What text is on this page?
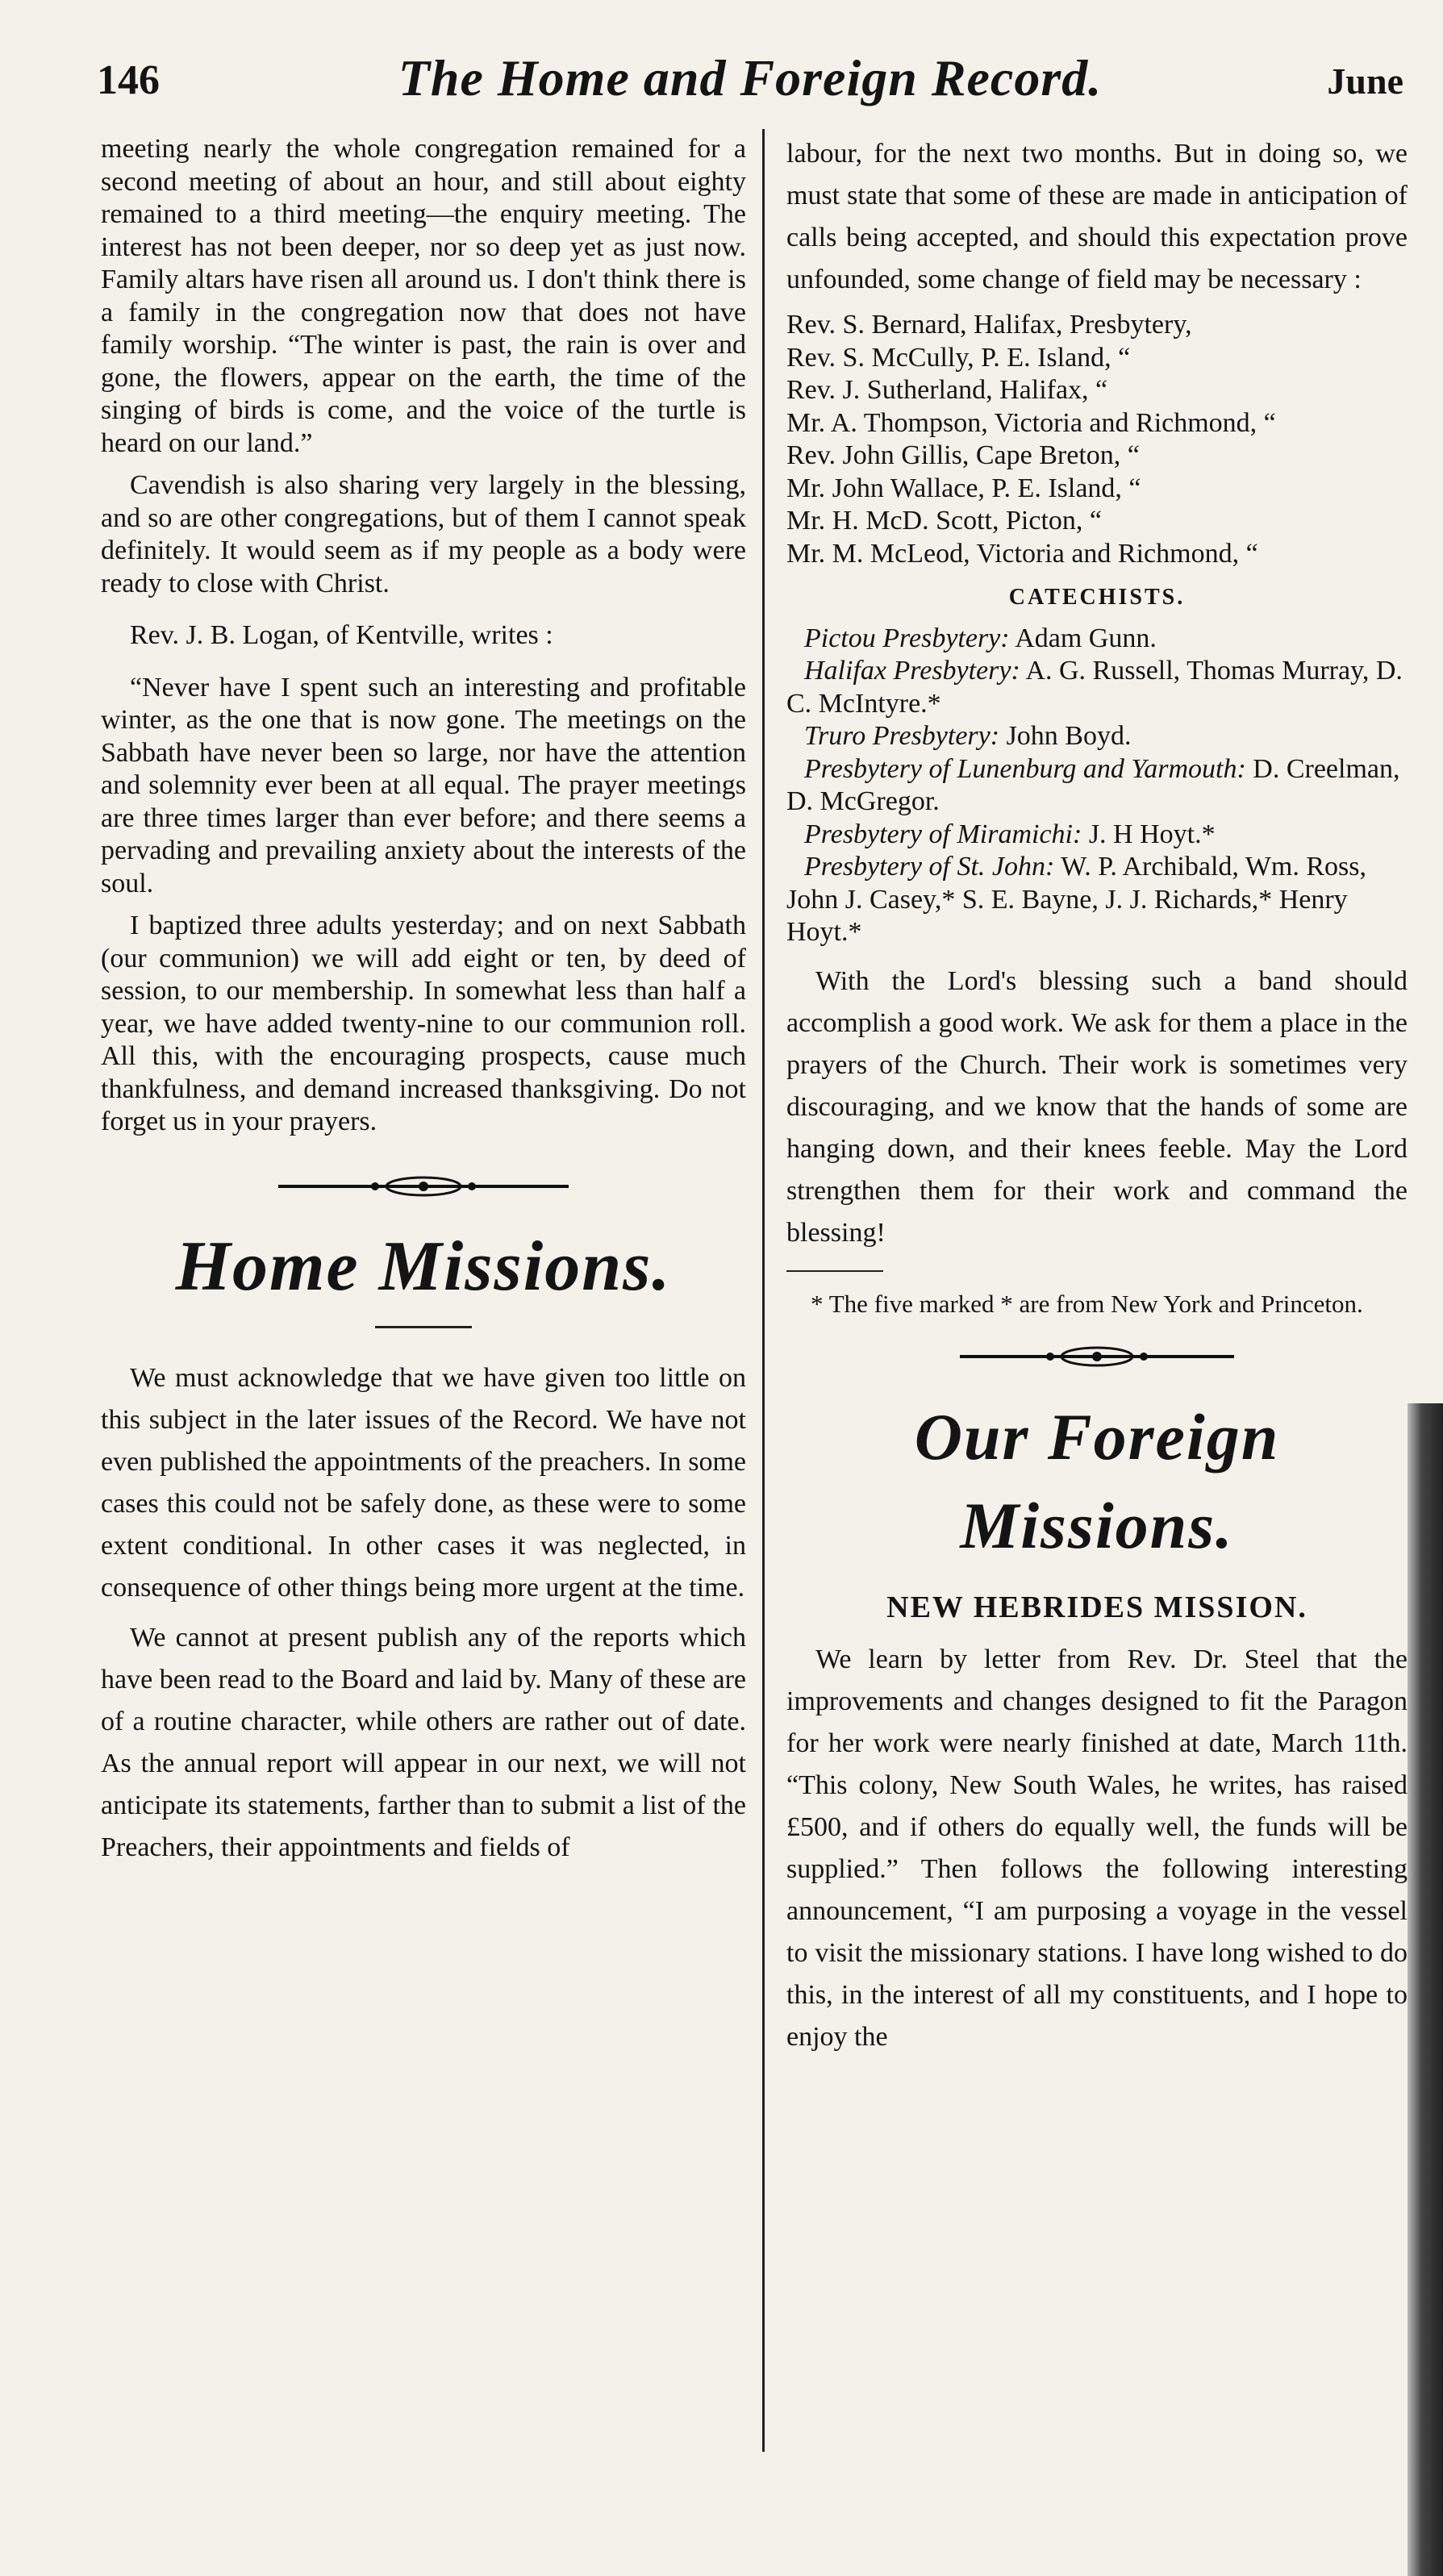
146	The Home and Foreign Record.	June

meeting nearly the whole congregation remained for a second meeting of about an hour, and still about eighty remained to a third meeting—the enquiry meeting. The interest has not been deeper, nor so deep yet as just now. Family altars have risen all around us. I don't think there is a family in the congregation now that does not have family worship. “The winter is past, the rain is over and gone, the flowers, appear on the earth, the time of the singing of birds is come, and the voice of the turtle is heard on our land.”

Cavendish is also sharing very largely in the blessing, and so are other congregations, but of them I cannot speak definitely. It would seem as if my people as a body were ready to close with Christ.

Rev. J. B. Logan, of Kentville, writes :

“Never have I spent such an interesting and profitable winter, as the one that is now gone. The meetings on the Sabbath have never been so large, nor have the attention and solemnity ever been at all equal. The prayer meetings are three times larger than ever before; and there seems a pervading and prevailing anxiety about the interests of the soul.

I baptized three adults yesterday; and on next Sabbath (our communion) we will add eight or ten, by deed of session, to our membership. In somewhat less than half a year, we have added twenty-nine to our communion roll. All this, with the encouraging prospects, cause much thankfulness, and demand increased thanksgiving. Do not forget us in your prayers.

Home Missions.

We must acknowledge that we have given too little on this subject in the later issues of the Record. We have not even published the appointments of the preachers. In some cases this could not be safely done, as these were to some extent conditional. In other cases it was neglected, in consequence of other things being more urgent at the time.

We cannot at present publish any of the reports which have been read to the Board and laid by. Many of these are of a routine character, while others are rather out of date. As the annual report will appear in our next, we will not anticipate its statements, farther than to submit a list of the Preachers, their appointments and fields of

labour, for the next two months. But in doing so, we must state that some of these are made in anticipation of calls being accepted, and should this expectation prove unfounded, some change of field may be necessary :

Rev. S. Bernard, Halifax, Presbytery,

Rev. S. McCully, P. E. Island, “

Rev. J. Sutherland, Halifax, “

Mr. A. Thompson, Victoria and Richmond, “

Rev. John Gillis, Cape Breton, “

Mr. John Wallace, P. E. Island, “

Mr. H. McD. Scott, Picton, “

Mr. M. McLeod, Victoria and Richmond, “

CATECHISTS.

Pictou Presbytery: Adam Gunn.

Halifax Presbytery: A. G. Russell, Thomas Murray, D. C. McIntyre.*

Truro Presbytery: John Boyd.

Presbytery of Lunenburg and Yarmouth: D. Creelman, D. McGregor.

Presbytery of Miramichi: J. H Hoyt.*

Presbytery of St. John: W. P. Archibald, Wm. Ross, John J. Casey,* S. E. Bayne, J. J. Richards,* Henry Hoyt.*

With the Lord's blessing such a band should accomplish a good work. We ask for them a place in the prayers of the Church. Their work is sometimes very discouraging, and we know that the hands of some are hanging down, and their knees feeble. May the Lord strengthen them for their work and command the blessing!

* The five marked * are from New York and Princeton.

Our Foreign Missions.
NEW HEBRIDES MISSION.

We learn by letter from Rev. Dr. Steel that the improvements and changes designed to fit the Paragon for her work were nearly finished at date, March 11th. “This colony, New South Wales, he writes, has raised £500, and if others do equally well, the funds will be supplied.” Then follows the following interesting announcement, “I am purposing a voyage in the vessel to visit the missionary stations. I have long wished to do this, in the interest of all my constituents, and I hope to enjoy the
